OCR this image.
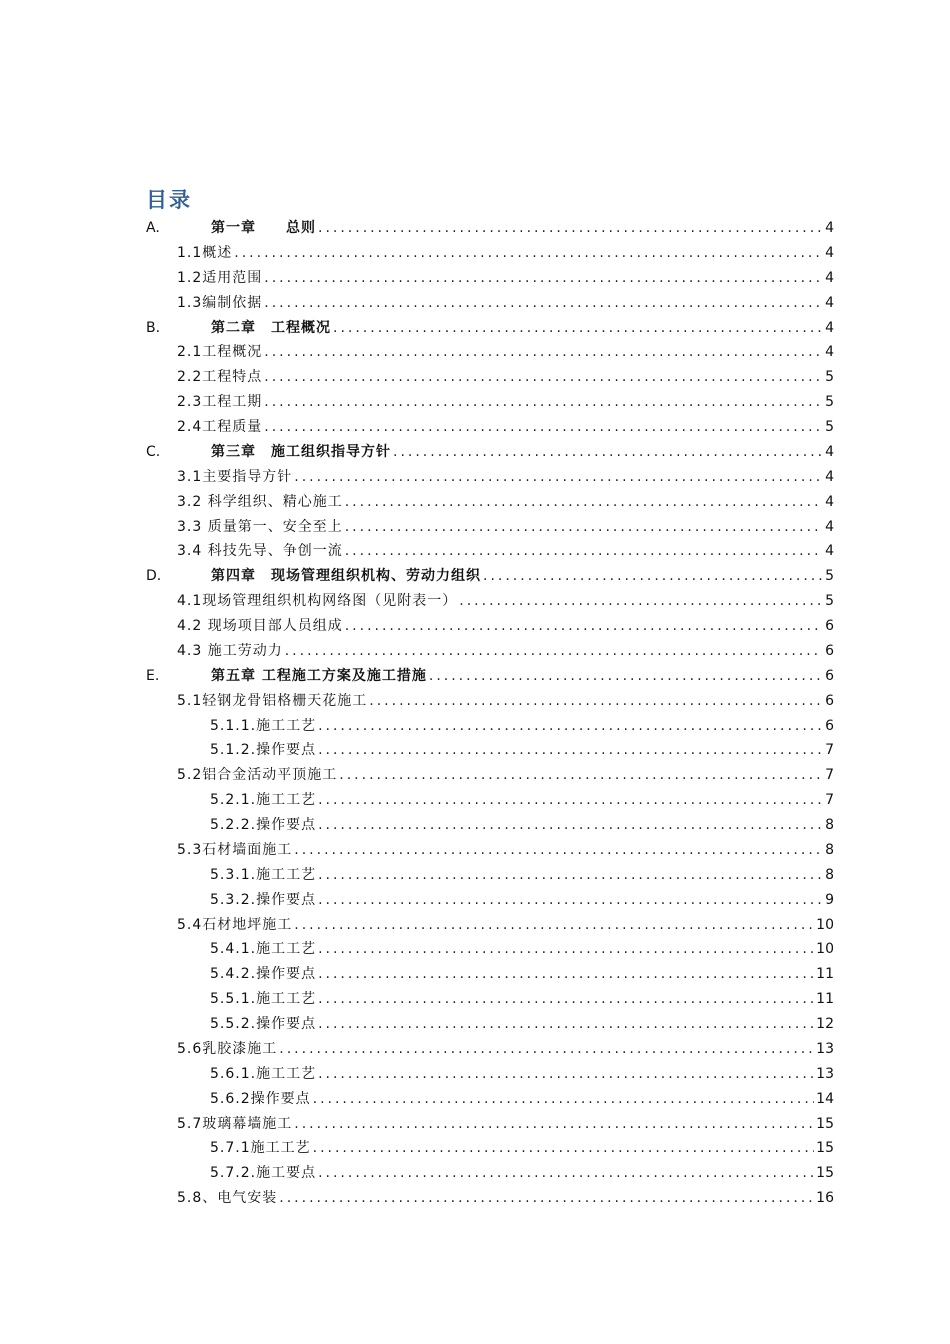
目录
A.	第一章　　总则 .....	4
1.1概述 .....	4
1.2适用范围 .....	4
1.3编制依据 .....	4
B.	第二章　工程概况 .....	4
2.1工程概况 .....	4
2.2工程特点 .....	5
2.3工程工期 .....	5
2.4工程质量 .....	5
C.	第三章　施工组织指导方针 .....	4
3.1主要指导方针 .....	4
3.2 科学组织、精心施工 .....	4
3.3 质量第一、安全至上 .....	4
3.4 科技先导、争创一流 .....	4
D.	第四章　现场管理组织机构、劳动力组织 .....	5
4.1现场管理组织机构网络图（见附表一） .....	5
4.2 现场项目部人员组成 .....	6
4.3 施工劳动力 .....	6
E.	第五章 工程施工方案及施工措施 .....	6
5.1轻钢龙骨铝格栅天花施工 .....	6
5.1.1.施工工艺 .....	6
5.1.2.操作要点 .....	7
5.2铝合金活动平顶施工 .....	7
5.2.1.施工工艺 .....	7
5.2.2.操作要点 .....	8
5.3石材墙面施工 .....	8
5.3.1.施工工艺 .....	8
5.3.2.操作要点 .....	9
5.4石材地坪施工 .....	10
5.4.1.施工工艺 .....	10
5.4.2.操作要点 .....	11
5.5.1.施工工艺 .....	11
5.5.2.操作要点 .....	12
5.6乳胶漆施工 .....	13
5.6.1.施工工艺 .....	13
5.6.2操作要点 .....	14
5.7玻璃幕墙施工 .....	15
5.7.1施工工艺 .....	15
5.7.2.施工要点 .....	15
5.8、电气安装 .....	16
